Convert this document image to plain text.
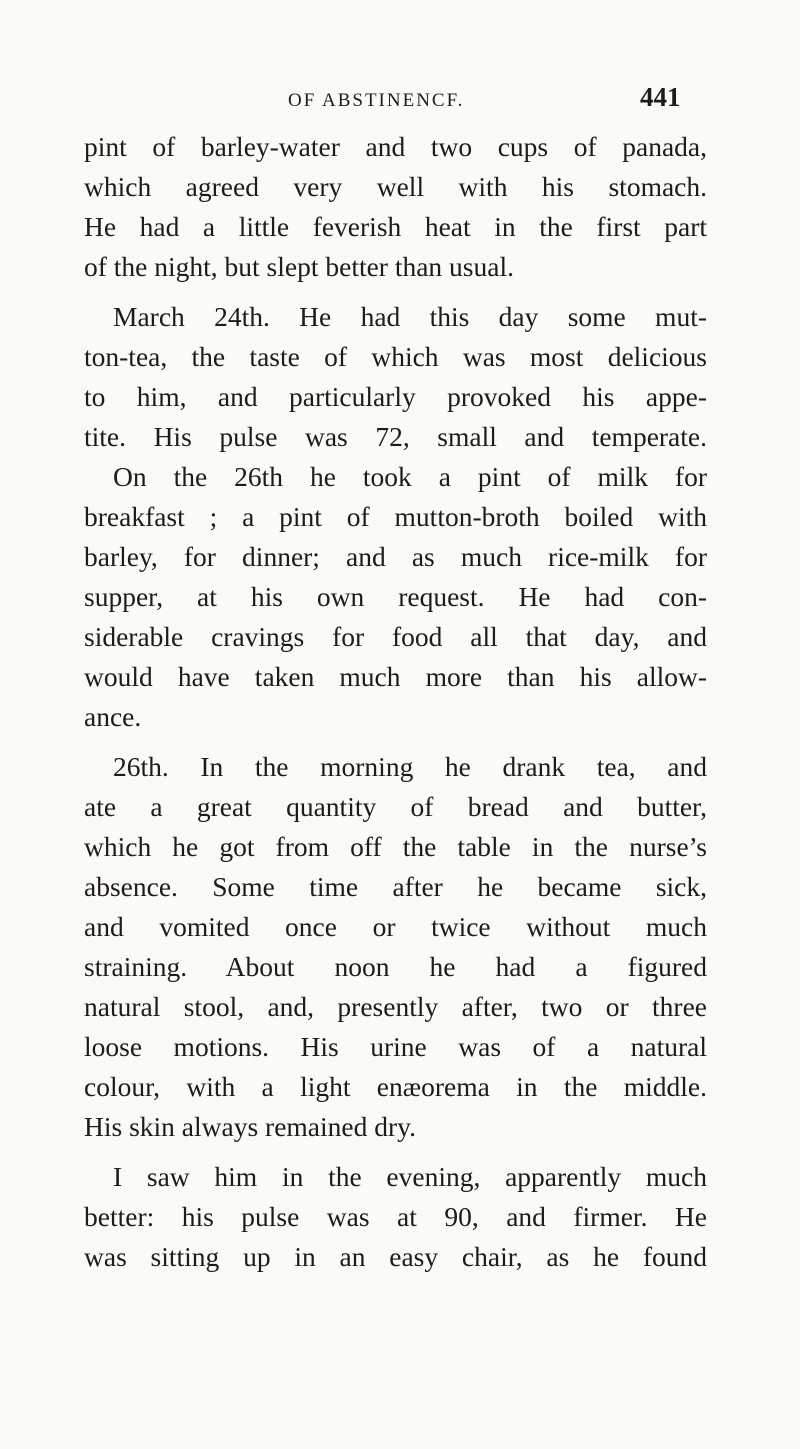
OF ABSTINENCF.	441
pint of barley-water and two cups of panada,
which agreed very well with his stomach.
He had a little feverish heat in the first part
of the night, but slept better than usual.
March 24th. He had this day some mut-
ton-tea, the taste of which was most delicious
to him, and particularly provoked his appe-
tite. His pulse was 72, small and temperate.
On the 26th he took a pint of milk for
breakfast ; a pint of mutton-broth boiled with
barley, for dinner; and as much rice-milk for
supper, at his own request. He had con-
siderable cravings for food all that day, and
would have taken much more than his allow-
ance.
26th. In the morning he drank tea, and
ate a great quantity of bread and butter,
which he got from off the table in the nurse’s
absence. Some time after he became sick,
and vomited once or twice without much
straining. About noon he had a figured
natural stool, and, presently after, two or three
loose motions. His urine was of a natural
colour, with a light enæorema in the middle.
His skin always remained dry.
I saw him in the evening, apparently much
better: his pulse was at 90, and firmer. He
was sitting up in an easy chair, as he found
